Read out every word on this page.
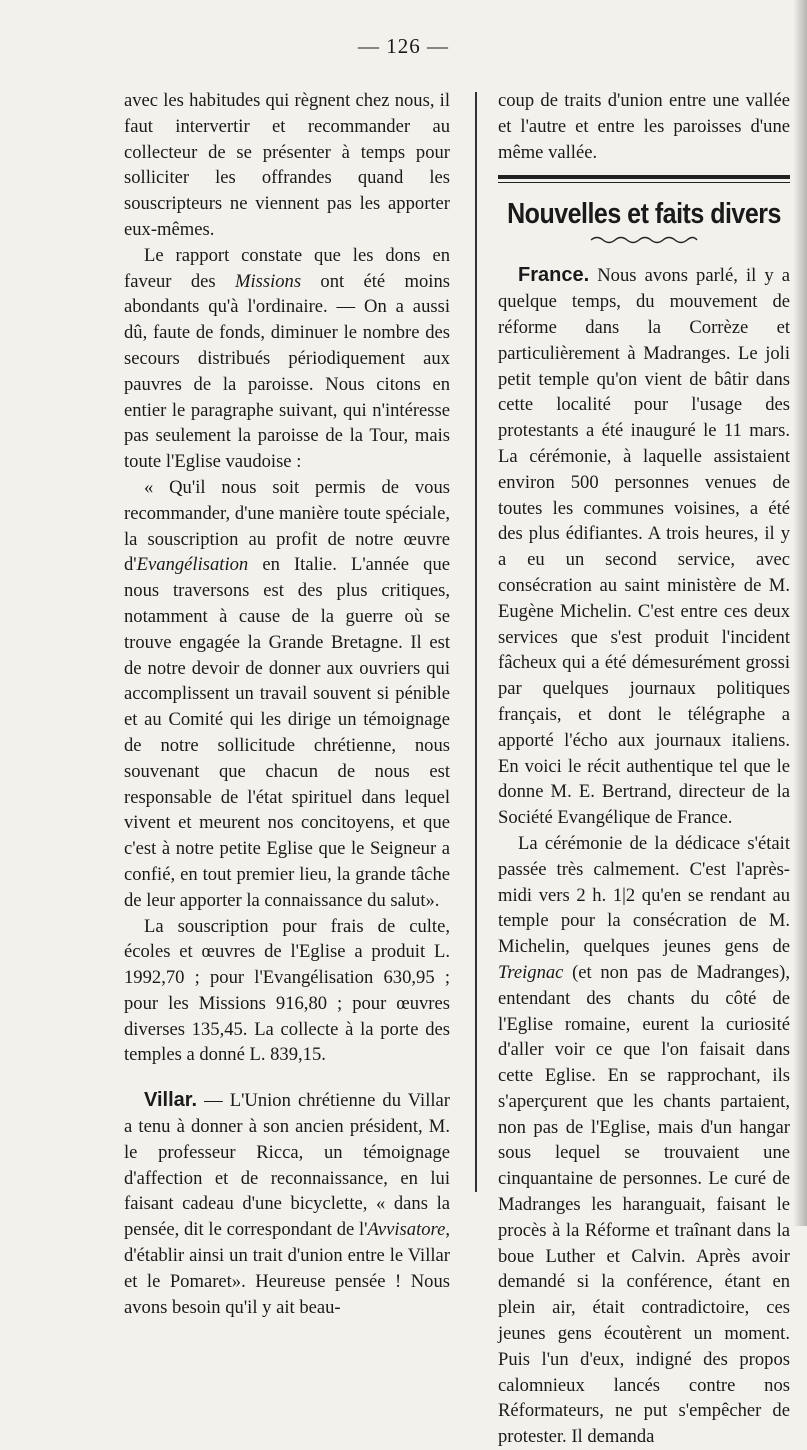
— 126 —

avec les habitudes qui règnent chez nous, il faut intervertir et recommander au collecteur de se présenter à temps pour solliciter les offrandes quand les souscripteurs ne viennent pas les apporter eux-mêmes.

Le rapport constate que les dons en faveur des Missions ont été moins abondants qu'à l'ordinaire. — On a aussi dû, faute de fonds, diminuer le nombre des secours distribués périodiquement aux pauvres de la paroisse. Nous citons en entier le paragraphe suivant, qui n'intéresse pas seulement la paroisse de la Tour, mais toute l'Eglise vaudoise :

« Qu'il nous soit permis de vous recommander, d'une manière toute spéciale, la souscription au profit de notre œuvre d'Evangélisation en Italie. L'année que nous traversons est des plus critiques, notamment à cause de la guerre où se trouve engagée la Grande Bretagne. Il est de notre devoir de donner aux ouvriers qui accomplissent un travail souvent si pénible et au Comité qui les dirige un témoignage de notre sollicitude chrétienne, nous souvenant que chacun de nous est responsable de l'état spirituel dans lequel vivent et meurent nos concitoyens, et que c'est à notre petite Eglise que le Seigneur a confié, en tout premier lieu, la grande tâche de leur apporter la connaissance du salut».

La souscription pour frais de culte, écoles et œuvres de l'Eglise a produit L. 1992,70 ; pour l'Evangélisation 630,95 ; pour les Missions 916,80 ; pour œuvres diverses 135,45. La collecte à la porte des temples a donné L. 839,15.

Villar. — L'Union chrétienne du Villar a tenu à donner à son ancien président, M. le professeur Ricca, un témoignage d'affection et de reconnaissance, en lui faisant cadeau d'une bicyclette, « dans la pensée, dit le correspondant de l'Avvisatore, d'établir ainsi un trait d'union entre le Villar et le Pomaret». Heureuse pensée ! Nous avons besoin qu'il y ait beau-

coup de traits d'union entre une vallée et l'autre et entre les paroisses d'une même vallée.

Nouvelles et faits divers

France. Nous avons parlé, il y a quelque temps, du mouvement de réforme dans la Corrèze et particulièrement à Madranges. Le joli petit temple qu'on vient de bâtir dans cette localité pour l'usage des protestants a été inauguré le 11 mars. La cérémonie, à laquelle assistaient environ 500 personnes venues de toutes les communes voisines, a été des plus édifiantes. A trois heures, il y a eu un second service, avec consécration au saint ministère de M. Eugène Michelin. C'est entre ces deux services que s'est produit l'incident fâcheux qui a été démesurément grossi par quelques journaux politiques français, et dont le télégraphe a apporté l'écho aux journaux italiens. En voici le récit authentique tel que le donne M. E. Bertrand, directeur de la Société Evangélique de France.

La cérémonie de la dédicace s'était passée très calmement. C'est l'après-midi vers 2 h. 1|2 qu'en se rendant au temple pour la consécration de M. Michelin, quelques jeunes gens de Treignac (et non pas de Madranges), entendant des chants du côté de l'Eglise romaine, eurent la curiosité d'aller voir ce que l'on faisait dans cette Eglise. En se rapprochant, ils s'aperçurent que les chants partaient, non pas de l'Eglise, mais d'un hangar sous lequel se trouvaient une cinquantaine de personnes. Le curé de Madranges les haranguait, faisant le procès à la Réforme et traînant dans la boue Luther et Calvin. Après avoir demandé si la conférence, étant en plein air, était contradictoire, ces jeunes gens écoutèrent un moment. Puis l'un d'eux, indigné des propos calomnieux lancés contre nos Réformateurs, ne put s'empêcher de protester. Il demanda
